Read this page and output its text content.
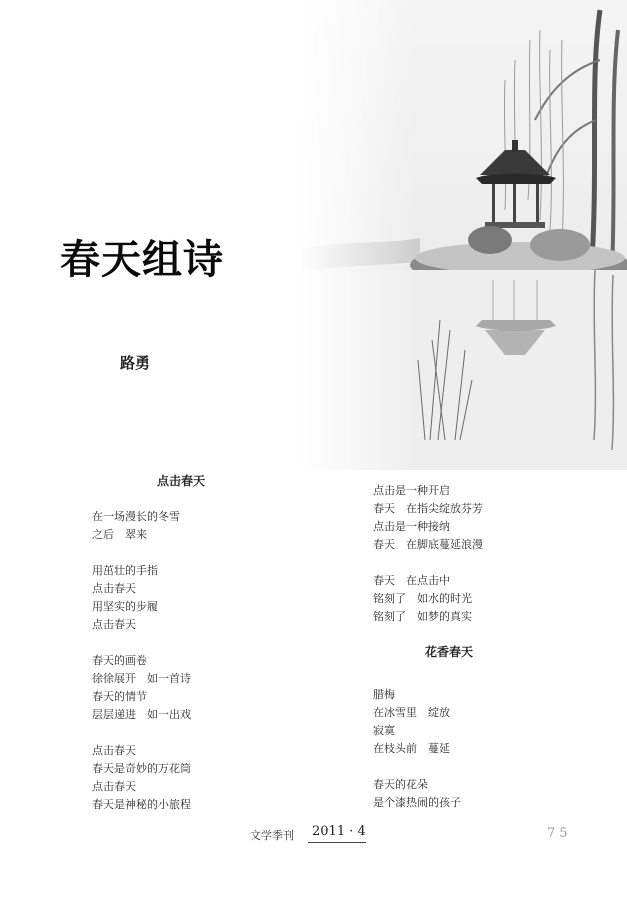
春天组诗
路勇
点击春天
在一场漫长的冬雪
之后　翠来
用茁壮的手指
点击春天
用坚实的步履
点击春天
春天的画卷
徐徐展开　如一首诗
春天的情节
层层递进　如一出戏
点击春天
春天是奇妙的万花筒
点击春天
春天是神秘的小旅程
点击是一种开启
春天　在指尖绽放芬芳
点击是一种接纳
春天　在脚底蔓延浪漫
春天　在点击中
铭刻了　如水的时光
铭刻了　如梦的真实
花香春天
腊梅
在冰雪里　绽放
寂寞
在枝头前　蔓延
春天的花朵
是个漆热闹的孩子
文学季刊 2011 · 4	75
